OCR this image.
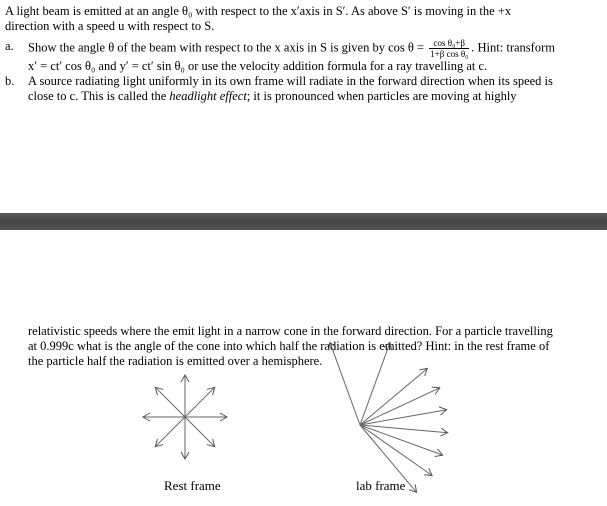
A light beam is emitted at an angle θ₀ with respect to the x′axis in S′. As above S′ is moving in the +x
direction with a speed u with respect to S.
a. Show the angle θ of the beam with respect to the x axis in S is given by $\cos \theta = \frac{\text{cos θ₀+β}}{\text{1+β cos θ₀}}$ . Hint: transform
x′ = ct′ cos θ₀ and y′ = ct′ sin θ₀ or use the velocity addition formula for a ray travelling at c.
b. A source radiating light uniformly in its own frame will radiate in the forward direction when its speed is
close to c. This is called the headlight effect; it is pronounced when particles are moving at highly
relativistic speeds where the emit light in a narrow cone in the forward direction. For a particle travelling
at 0.999c what is the angle of the cone into which half the radiation is emitted? Hint: in the rest frame of
the particle half the radiation is emitted over a hemisphere.
Rest frame	lab frame
